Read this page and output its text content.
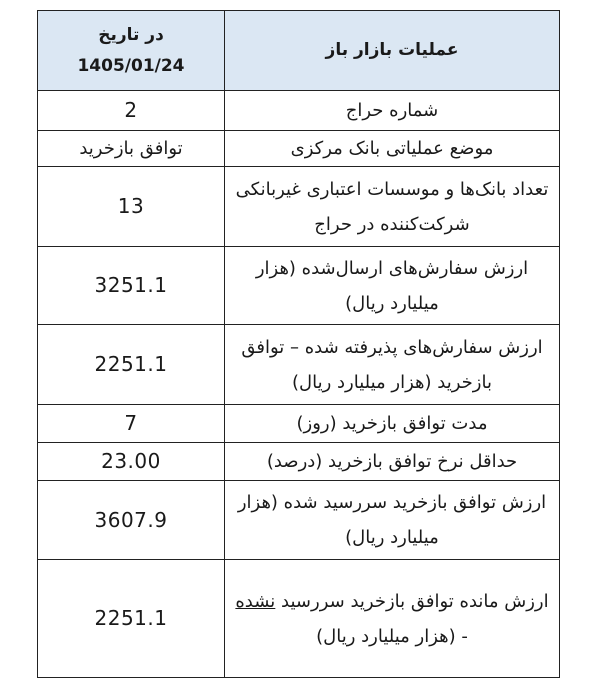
عملیات بازار باز	در تاریخ
1405/01/24

شماره حراج	2
موضع عملیاتی بانک مرکزی	توافق بازخرید
تعداد بانک‌ها و موسسات اعتباری غیربانکی شرکت‌کننده در حراج	13
ارزش سفارش‌های ارسال‌شده (هزار میلیارد ریال)	3251.1
ارزش سفارش‌های پذیرفته شده – توافق بازخرید (هزار میلیارد ریال)	2251.1
مدت توافق بازخرید (روز)	7
حداقل نرخ توافق بازخرید (درصد)	23.00
ارزش توافق بازخرید سررسید شده (هزار میلیارد ریال)	3607.9
ارزش مانده توافق بازخرید سررسید نشده - (هزار میلیارد ریال)	2251.1
